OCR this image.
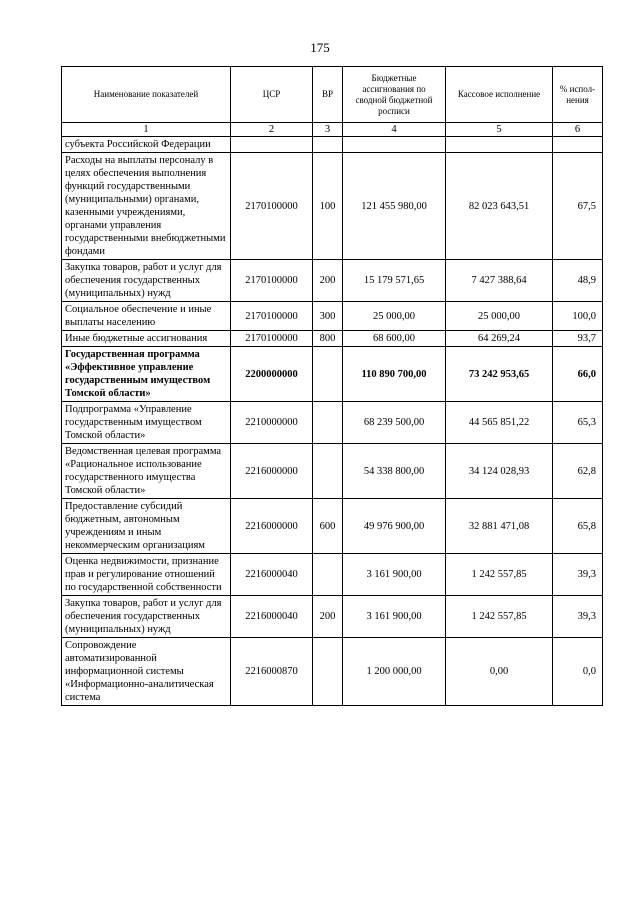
175
Наименование показателей	ЦСР	ВР	Бюджетные ассигнования по сводной бюджетной росписи	Кассовое исполнение	% испол-нения
1	2	3	4	5	6
субъекта Российской Федерации					
Расходы на выплаты персоналу в целях обеспечения выполнения функций государственными (муниципальными) органами, казенными учреждениями, органами управления государственными внебюджетными фондами	2170100000	100	121 455 980,00	82 023 643,51	67,5
Закупка товаров, работ и услуг для обеспечения государственных (муниципальных) нужд	2170100000	200	15 179 571,65	7 427 388,64	48,9
Социальное обеспечение и иные выплаты населению	2170100000	300	25 000,00	25 000,00	100,0
Иные бюджетные ассигнования	2170100000	800	68 600,00	64 269,24	93,7
Государственная программа «Эффективное управление государственным имуществом Томской области»	2200000000		110 890 700,00	73 242 953,65	66,0
Подпрограмма «Управление государственным имуществом Томской области»	2210000000		68 239 500,00	44 565 851,22	65,3
Ведомственная целевая программа «Рациональное использование государственного имущества Томской области»	2216000000		54 338 800,00	34 124 028,93	62,8
Предоставление субсидий бюджетным, автономным учреждениям и иным некоммерческим организациям	2216000000	600	49 976 900,00	32 881 471,08	65,8
Оценка недвижимости, признание прав и регулирование отношений по государственной собственности	2216000040		3 161 900,00	1 242 557,85	39,3
Закупка товаров, работ и услуг для обеспечения государственных (муниципальных) нужд	2216000040	200	3 161 900,00	1 242 557,85	39,3
Сопровождение автоматизированной информационной системы «Информационно-аналитическая система	2216000870		1 200 000,00	0,00	0,0
